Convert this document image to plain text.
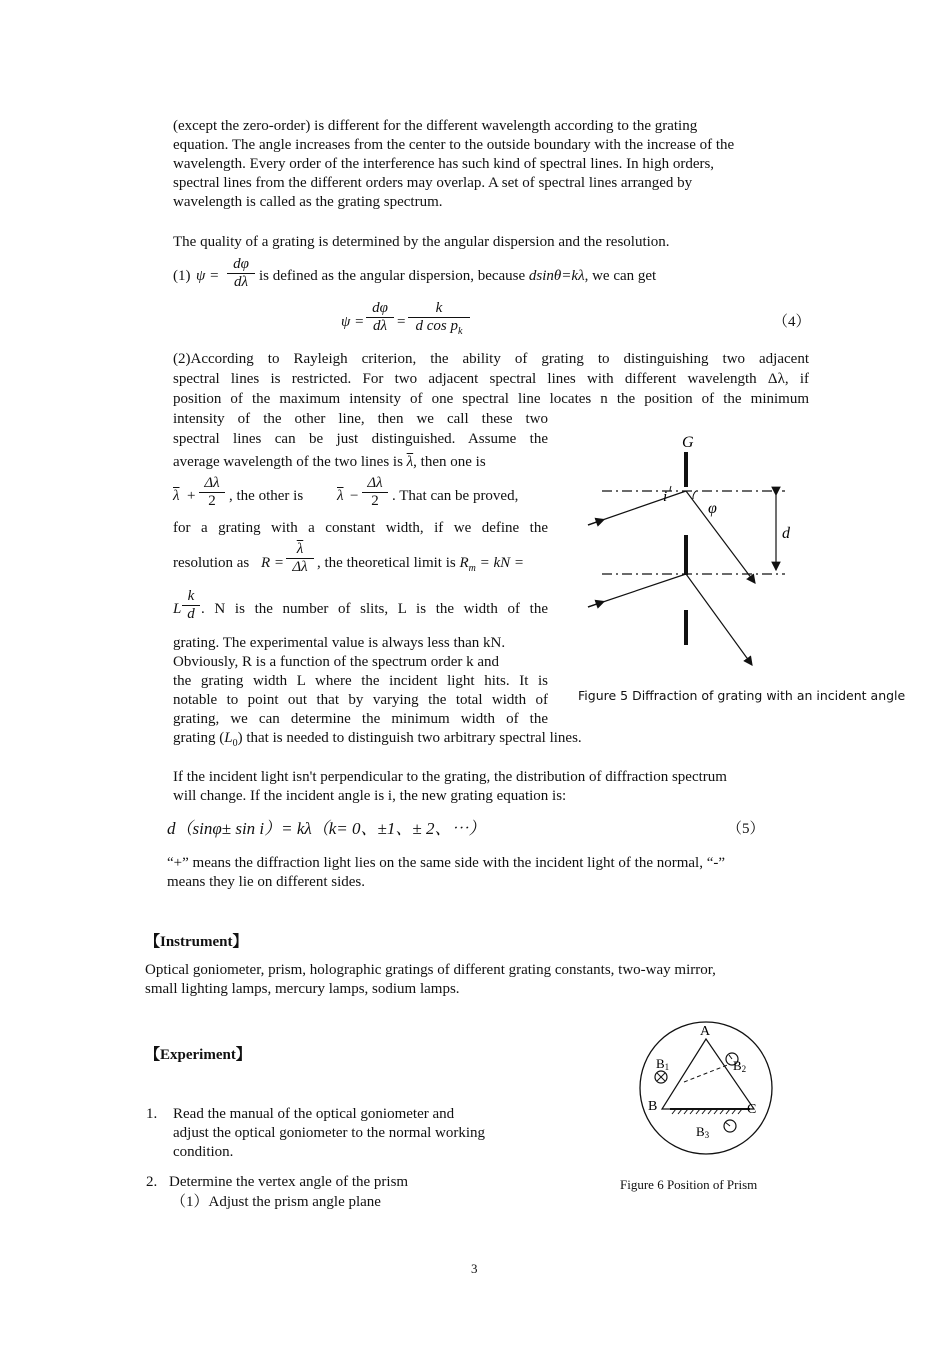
(except the zero-order) is different for the different wavelength according to the grating
equation. The angle increases from the center to the outside boundary with the increase of the
wavelength. Every order of the interference has such kind of spectral lines. In high orders,
spectral lines from the different orders may overlap. A set of spectral lines arranged by
wavelength is called as the grating spectrum.
The quality of a grating is determined by the angular dispersion and the resolution.
(1) $\psi = \frac{d\varphi}{d\lambda}$ is defined as the angular dispersion, because dsinθ=kλ, we can get
$\psi = \frac{d\varphi}{d\lambda} = \frac{k}{d \cos p_k}$	（4）
(2)According to Rayleigh criterion, the ability of grating to distinguishing two adjacent
spectral lines is restricted. For two adjacent spectral lines with different wavelength Δλ, if
position of the maximum intensity of one spectral line locates n the position of the minimum
intensity of the other line, then we call these two
spectral lines can be just distinguished. Assume the
average wavelength of the two lines is $\overline{\lambda}$, then one is
$\overline{\lambda} + \frac{\Delta\lambda}{2}$ , the other is $\overline{\lambda} - \frac{\Delta\lambda}{2}$ . That can be proved,
for a grating with a constant width, if we define the
resolution as $R = \frac{\overline{\lambda}}{\Delta\lambda}$ , the theoretical limit is $R_m$ = kN =
L $\frac{k}{d}$ . N is the number of slits, L is the width of the
grating. The experimental value is always less than kN.
Obviously, R is a function of the spectrum order k and
the grating width L where the incident light hits. It is
notable to point out that by varying the total width of
grating, we can determine the minimum width of the
grating $(L_0)$ that is needed to distinguish two arbitrary spectral lines.
G
i
φ
d
Figure 5 Diffraction of grating with an incident angle
If the incident light isn't perpendicular to the grating, the distribution of diffraction spectrum
will change. If the incident angle is i, the new grating equation is:
d（sinφ± sin i）= kλ（k= 0、±1、± 2、⋯）	（5）
“+” means the diffraction light lies on the same side with the incident light of the normal, “-”
means they lie on different sides.
【Instrument】
Optical goniometer, prism, holographic gratings of different grating constants, two-way mirror,
small lighting lamps, mercury lamps, sodium lamps.
【Experiment】
1. Read the manual of the optical goniometer and
adjust the optical goniometer to the normal working
condition.
2. Determine the vertex angle of the prism
（1）Adjust the prism angle plane
A
B	C
B1	B2
B3
Figure 6 Position of Prism
3
